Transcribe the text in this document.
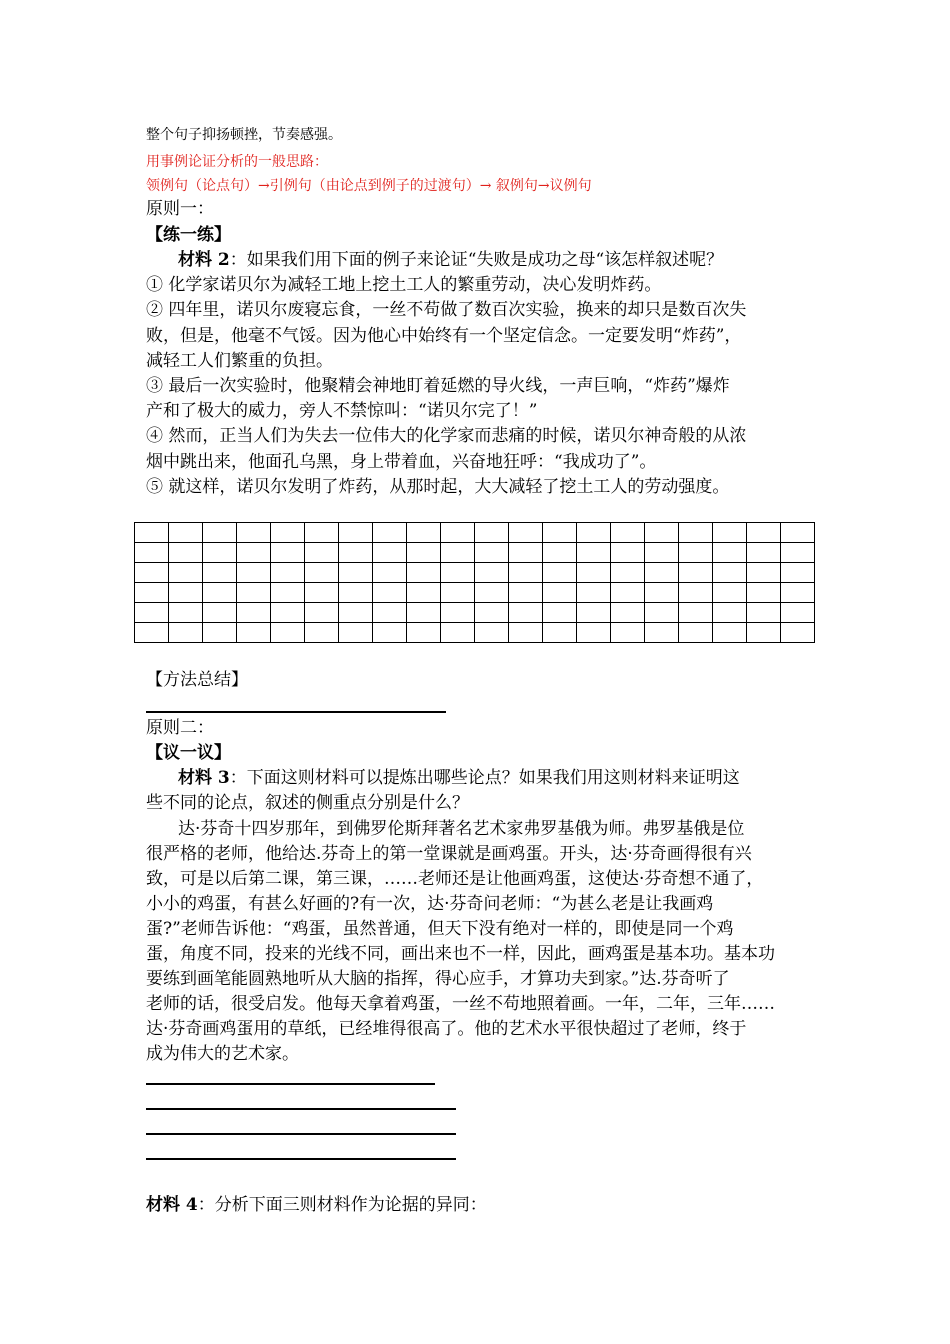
整个句子抑扬顿挫，节奏感强。
用事例论证分析的一般思路：
领例句（论点句）→引例句（由论点到例子的过渡句）→ 叙例句→议例句
原则一：
【练一练】
材料 2：如果我们用下面的例子来论证“失败是成功之母“该怎样叙述呢？
① 化学家诺贝尔为减轻工地上挖土工人的繁重劳动，决心发明炸药。
② 四年里，诺贝尔废寝忘食，一丝不苟做了数百次实验，换来的却只是数百次失
败，但是，他毫不气馁。因为他心中始终有一个坚定信念。一定要发明“炸药”，
减轻工人们繁重的负担。
③ 最后一次实验时，他聚精会神地盯着延燃的导火线，一声巨响，“炸药”爆炸
产和了极大的威力，旁人不禁惊叫：“诺贝尔完了！”
④ 然而，正当人们为失去一位伟大的化学家而悲痛的时候，诺贝尔神奇般的从浓
烟中跳出来，他面孔乌黑，身上带着血，兴奋地狂呼：“我成功了”。
⑤ 就这样，诺贝尔发明了炸药，从那时起，大大减轻了挖土工人的劳动强度。

【方法总结】
原则二：
【议一议】
材料 3：下面这则材料可以提炼出哪些论点？如果我们用这则材料来证明这
些不同的论点，叙述的侧重点分别是什么？
达·芬奇十四岁那年，到佛罗伦斯拜著名艺术家弗罗基俄为师。弗罗基俄是位
很严格的老师，他给达.芬奇上的第一堂课就是画鸡蛋。开头，达·芬奇画得很有兴
致，可是以后第二课，第三课，……老师还是让他画鸡蛋，这使达·芬奇想不通了，
小小的鸡蛋，有甚么好画的?有一次，达·芬奇问老师：“为甚么老是让我画鸡
蛋?”老师告诉他：“鸡蛋，虽然普通，但天下没有绝对一样的，即使是同一个鸡
蛋，角度不同，投来的光线不同，画出来也不一样，因此，画鸡蛋是基本功。基本功
要练到画笔能圆熟地听从大脑的指挥，得心应手，才算功夫到家。”达.芬奇听了
老师的话，很受启发。他每天拿着鸡蛋，一丝不苟地照着画。一年，二年，三年……
达·芬奇画鸡蛋用的草纸，已经堆得很高了。他的艺术水平很快超过了老师，终于
成为伟大的艺术家。
材料 4：分析下面三则材料作为论据的异同：
